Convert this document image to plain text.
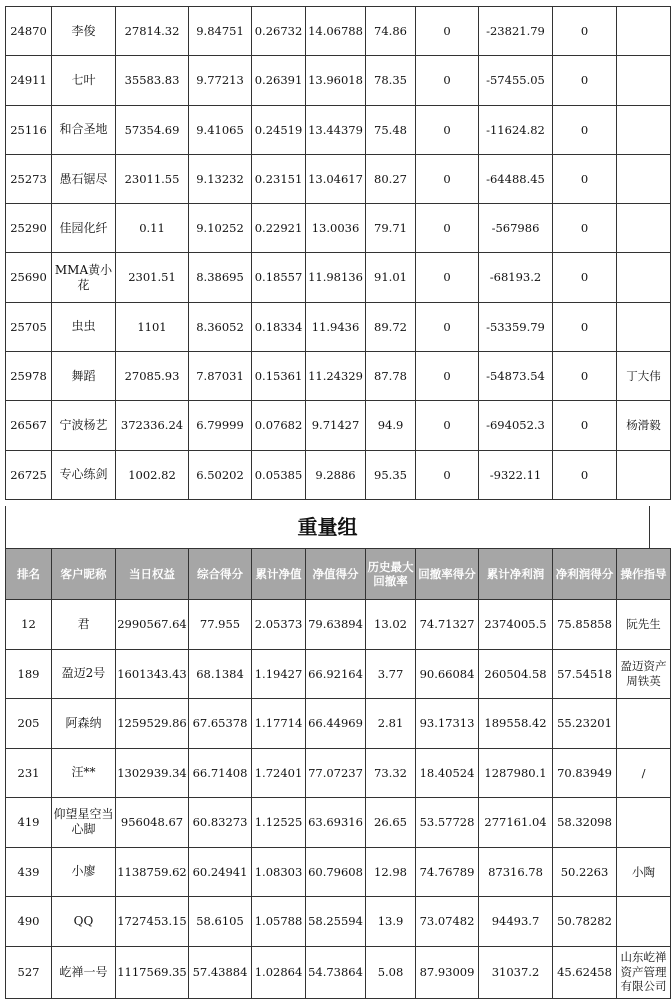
24870	李俊	27814.32	9.84751	0.26732	14.06788	74.86	0	-23821.79	0	
24911	七叶	35583.83	9.77213	0.26391	13.96018	78.35	0	-57455.05	0	
25116	和合圣地	57354.69	9.41065	0.24519	13.44379	75.48	0	-11624.82	0	
25273	愚石锯尽	23011.55	9.13232	0.23151	13.04617	80.27	0	-64488.45	0	
25290	佳园化纤	0.11	9.10252	0.22921	13.0036	79.71	0	-567986	0	
25690	MMA黄小花	2301.51	8.38695	0.18557	11.98136	91.01	0	-68193.2	0	
25705	虫虫	1101	8.36052	0.18334	11.9436	89.72	0	-53359.79	0	
25978	舞蹈	27085.93	7.87031	0.15361	11.24329	87.78	0	-54873.54	0	丁大伟
26567	宁波杨艺	372336.24	6.79999	0.07682	9.71427	94.9	0	-694052.3	0	杨滑毅
26725	专心练剑	1002.82	6.50202	0.05385	9.2886	95.35	0	-9322.11	0	
重量组
排名	客户昵称	当日权益	综合得分	累计净值	净值得分	历史最大回撤率	回撤率得分	累计净利润	净利润得分	操作指导
12	君	2990567.64	77.955	2.05373	79.63894	13.02	74.71327	2374005.5	75.85858	阮先生
189	盈迈2号	1601343.43	68.1384	1.19427	66.92164	3.77	90.66084	260504.58	57.54518	盈迈资产周铁英
205	阿森纳	1259529.86	67.65378	1.17714	66.44969	2.81	93.17313	189558.42	55.23201	
231	汪**	1302939.34	66.71408	1.72401	77.07237	73.32	18.40524	1287980.1	70.83949	/
419	仰望星空当心脚	956048.67	60.83273	1.12525	63.69316	26.65	53.57728	277161.04	58.32098	
439	小廖	1138759.62	60.24941	1.08303	60.79608	12.98	74.76789	87316.78	50.2263	小陶
490	QQ	1727453.15	58.6105	1.05788	58.25594	13.9	73.07482	94493.7	50.78282	
527	屹禅一号	1117569.35	57.43884	1.02864	54.73864	5.08	87.93009	31037.2	45.62458	山东屹禅资产管理有限公司
